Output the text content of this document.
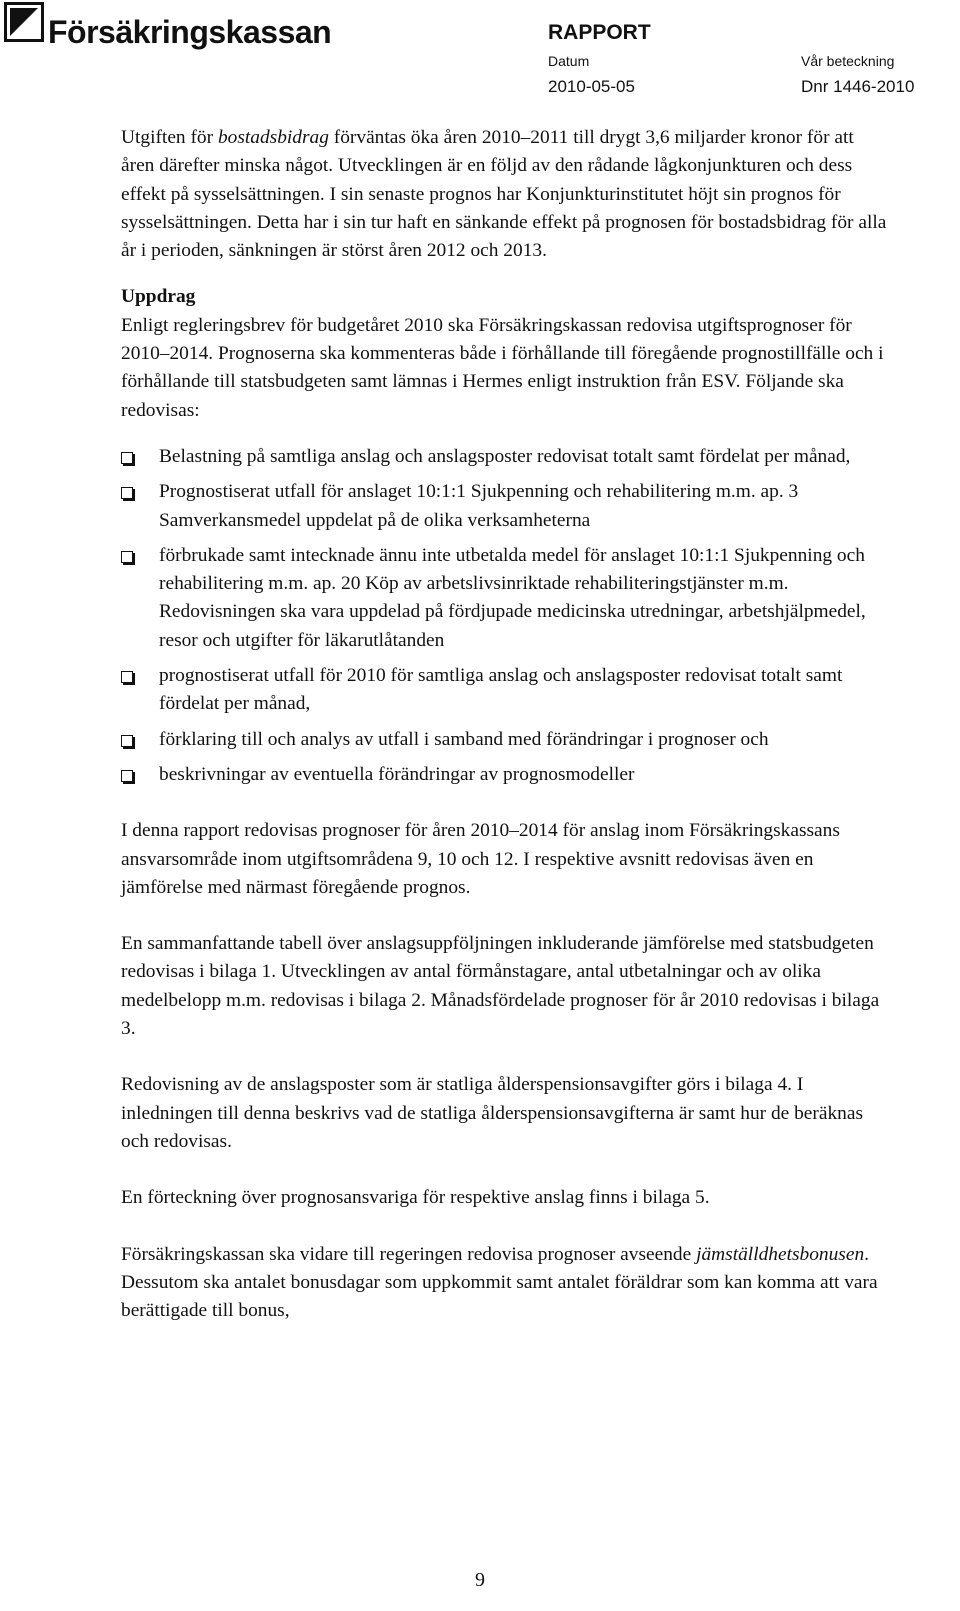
Försäkringskassan	RAPPORT
Datum
2010-05-05
Vår beteckning
Dnr 1446-2010

Utgiften för bostadsbidrag förväntas öka åren 2010–2011 till drygt 3,6 miljarder kronor för att åren därefter minska något. Utvecklingen är en följd av den rådande lågkonjunkturen och dess effekt på sysselsättningen. I sin senaste prognos har Konjunkturinstitutet höjt sin prognos för sysselsättningen. Detta har i sin tur haft en sänkande effekt på prognosen för bostadsbidrag för alla år i perioden, sänkningen är störst åren 2012 och 2013.

Uppdrag

Enligt regleringsbrev för budgetåret 2010 ska Försäkringskassan redovisa utgiftsprognoser för 2010–2014. Prognoserna ska kommenteras både i förhållande till föregående prognostillfälle och i förhållande till statsbudgeten samt lämnas i Hermes enligt instruktion från ESV. Följande ska redovisas:

Belastning på samtliga anslag och anslagsposter redovisat totalt samt fördelat per månad,
Prognostiserat utfall för anslaget 10:1:1 Sjukpenning och rehabilitering m.m. ap. 3 Samverkansmedel uppdelat på de olika verksamheterna
förbrukade samt intecknade ännu inte utbetalda medel för anslaget 10:1:1 Sjukpenning och rehabilitering m.m. ap. 20 Köp av arbetslivsinriktade rehabiliteringstjänster m.m. Redovisningen ska vara uppdelad på fördjupade medicinska utredningar, arbetshjälpmedel, resor och utgifter för läkarutlåtanden
prognostiserat utfall för 2010 för samtliga anslag och anslagsposter redovisat totalt samt fördelat per månad,
förklaring till och analys av utfall i samband med förändringar i prognoser och
beskrivningar av eventuella förändringar av prognosmodeller

I denna rapport redovisas prognoser för åren 2010–2014 för anslag inom Försäkringskassans ansvarsområde inom utgiftsområdena 9, 10 och 12. I respektive avsnitt redovisas även en jämförelse med närmast föregående prognos.

En sammanfattande tabell över anslagsuppföljningen inkluderande jämförelse med statsbudgeten redovisas i bilaga 1. Utvecklingen av antal förmånstagare, antal utbetalningar och av olika medelbelopp m.m. redovisas i bilaga 2. Månadsfördelade prognoser för år 2010 redovisas i bilaga 3.

Redovisning av de anslagsposter som är statliga ålderspensionsavgifter görs i bilaga 4. I inledningen till denna beskrivs vad de statliga ålderspensionsavgifterna är samt hur de beräknas och redovisas.

En förteckning över prognosansvariga för respektive anslag finns i bilaga 5.

Försäkringskassan ska vidare till regeringen redovisa prognoser avseende jämställdhetsbonusen. Dessutom ska antalet bonusdagar som uppkommit samt antalet föräldrar som kan komma att vara berättigade till bonus,

9
